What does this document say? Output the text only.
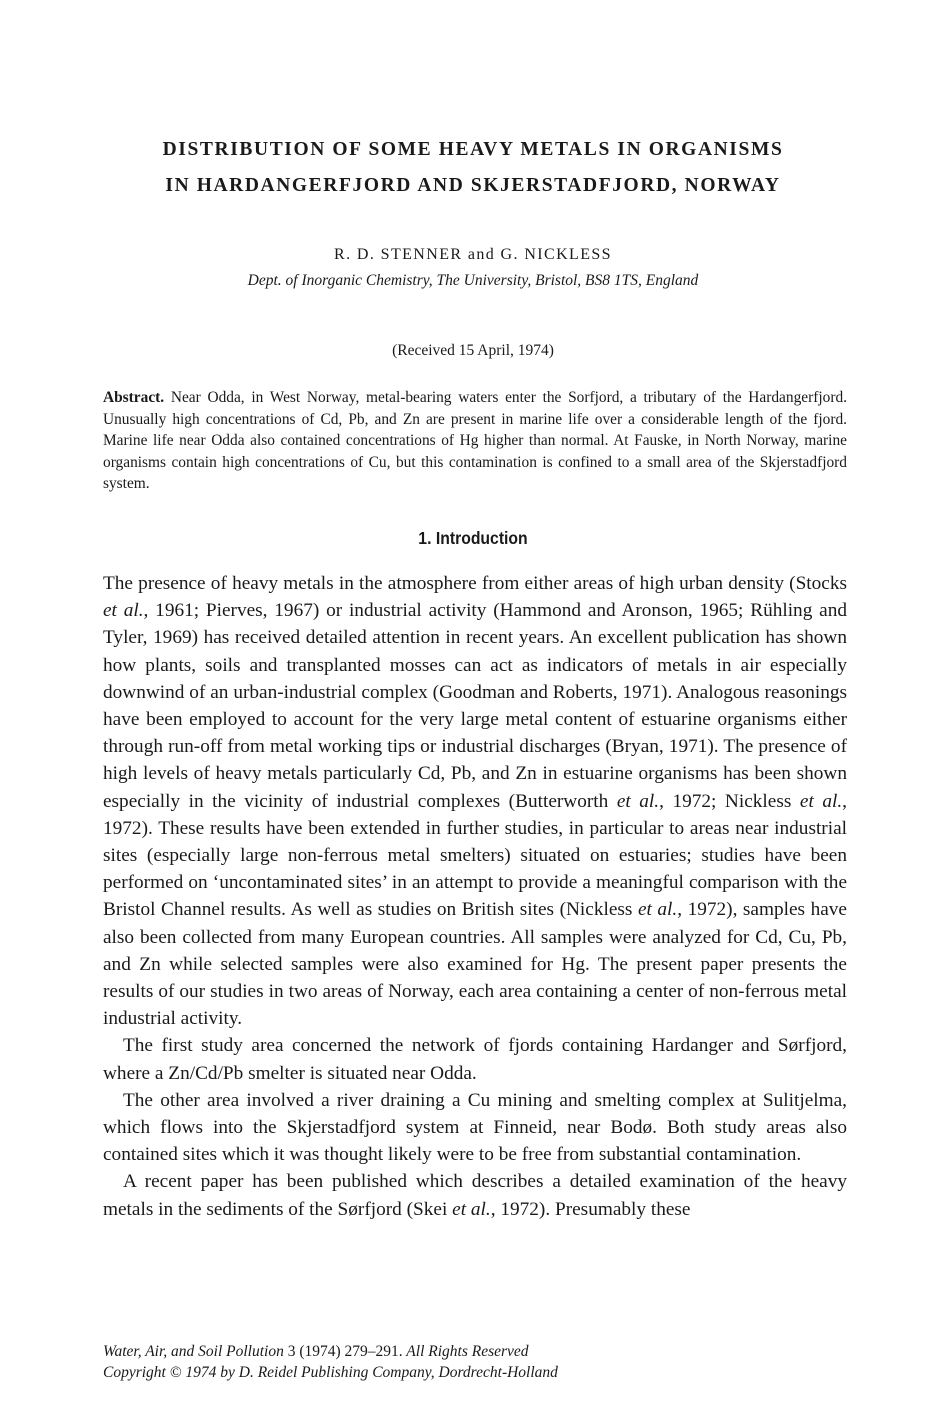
DISTRIBUTION OF SOME HEAVY METALS IN ORGANISMS
IN HARDANGERFJORD AND SKJERSTADFJORD, NORWAY
R. D. STENNER and G. NICKLESS
Dept. of Inorganic Chemistry, The University, Bristol, BS8 1TS, England
(Received 15 April, 1974)

Abstract. Near Odda, in West Norway, metal-bearing waters enter the Sorfjord, a tributary of the Hardangerfjord. Unusually high concentrations of Cd, Pb, and Zn are present in marine life over a considerable length of the fjord. Marine life near Odda also contained concentrations of Hg higher than normal. At Fauske, in North Norway, marine organisms contain high concentrations of Cu, but this contamination is confined to a small area of the Skjerstadfjord system.

1. Introduction

The presence of heavy metals in the atmosphere from either areas of high urban density (Stocks et al., 1961; Pierves, 1967) or industrial activity (Hammond and Aronson, 1965; Rühling and Tyler, 1969) has received detailed attention in recent years. An excellent publication has shown how plants, soils and transplanted mosses can act as indicators of metals in air especially downwind of an urban-industrial complex (Goodman and Roberts, 1971). Analogous reasonings have been employed to account for the very large metal content of estuarine organisms either through run-off from metal working tips or industrial discharges (Bryan, 1971). The presence of high levels of heavy metals particularly Cd, Pb, and Zn in estuarine organisms has been shown especially in the vicinity of industrial complexes (Butterworth et al., 1972; Nickless et al., 1972). These results have been extended in further studies, in particular to areas near industrial sites (especially large non-ferrous metal smelters) situated on estuaries; studies have been performed on ‘uncontaminated sites’ in an attempt to provide a meaningful comparison with the Bristol Channel results. As well as studies on British sites (Nickless et al., 1972), samples have also been collected from many European countries. All samples were analyzed for Cd, Cu, Pb, and Zn while selected samples were also examined for Hg. The present paper presents the results of our studies in two areas of Norway, each area containing a center of non-ferrous metal industrial activity.

The first study area concerned the network of fjords containing Hardanger and Sørfjord, where a Zn/Cd/Pb smelter is situated near Odda.

The other area involved a river draining a Cu mining and smelting complex at Sulitjelma, which flows into the Skjerstadfjord system at Finneid, near Bodø. Both study areas also contained sites which it was thought likely were to be free from substantial contamination.

A recent paper has been published which describes a detailed examination of the heavy metals in the sediments of the Sørfjord (Skei et al., 1972). Presumably these

Water, Air, and Soil Pollution 3 (1974) 279–291. All Rights Reserved
Copyright © 1974 by D. Reidel Publishing Company, Dordrecht-Holland
